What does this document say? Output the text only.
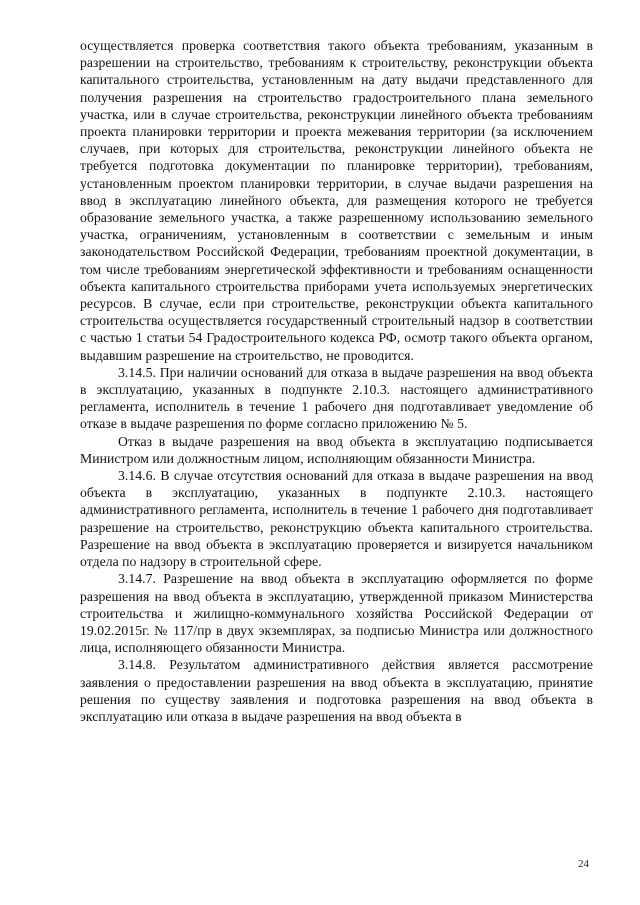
осуществляется проверка соответствия такого объекта требованиям, указанным в разрешении на строительство, требованиям к строительству, реконструкции объекта капитального строительства, установленным на дату выдачи представленного для получения разрешения на строительство градостроительного плана земельного участка, или в случае строительства, реконструкции линейного объекта требованиям проекта планировки территории и проекта межевания территории (за исключением случаев, при которых для строительства, реконструкции линейного объекта не требуется подготовка документации по планировке территории), требованиям, установленным проектом планировки территории, в случае выдачи разрешения на ввод в эксплуатацию линейного объекта, для размещения которого не требуется образование земельного участка, а также разрешенному использованию земельного участка, ограничениям, установленным в соответствии с земельным и иным законодательством Российской Федерации, требованиям проектной документации, в том числе требованиям энергетической эффективности и требованиям оснащенности объекта капитального строительства приборами учета используемых энергетических ресурсов. В случае, если при строительстве, реконструкции объекта капитального строительства осуществляется государственный строительный надзор в соответствии с частью 1 статьи 54 Градостроительного кодекса РФ, осмотр такого объекта органом, выдавшим разрешение на строительство, не проводится.

3.14.5. При наличии оснований для отказа в выдаче разрешения на ввод объекта в эксплуатацию, указанных в подпункте 2.10.3. настоящего административного регламента, исполнитель в течение 1 рабочего дня подготавливает уведомление об отказе в выдаче разрешения по форме согласно приложению № 5.

Отказ в выдаче разрешения на ввод объекта в эксплуатацию подписывается Министром или должностным лицом, исполняющим обязанности Министра.

3.14.6. В случае отсутствия оснований для отказа в выдаче разрешения на ввод объекта в эксплуатацию, указанных в подпункте 2.10.3. настоящего административного регламента, исполнитель в течение 1 рабочего дня подготавливает разрешение на строительство, реконструкцию объекта капитального строительства. Разрешение на ввод объекта в эксплуатацию проверяется и визируется начальником отдела по надзору в строительной сфере.

3.14.7. Разрешение на ввод объекта в эксплуатацию оформляется по форме разрешения на ввод объекта в эксплуатацию, утвержденной приказом Министерства строительства и жилищно-коммунального хозяйства Российской Федерации от 19.02.2015г. № 117/пр в двух экземплярах, за подписью Министра или должностного лица, исполняющего обязанности Министра.

3.14.8. Результатом административного действия является рассмотрение заявления о предоставлении разрешения на ввод объекта в эксплуатацию, принятие решения по существу заявления и подготовка разрешения на ввод объекта в эксплуатацию или отказа в выдаче разрешения на ввод объекта в

24
